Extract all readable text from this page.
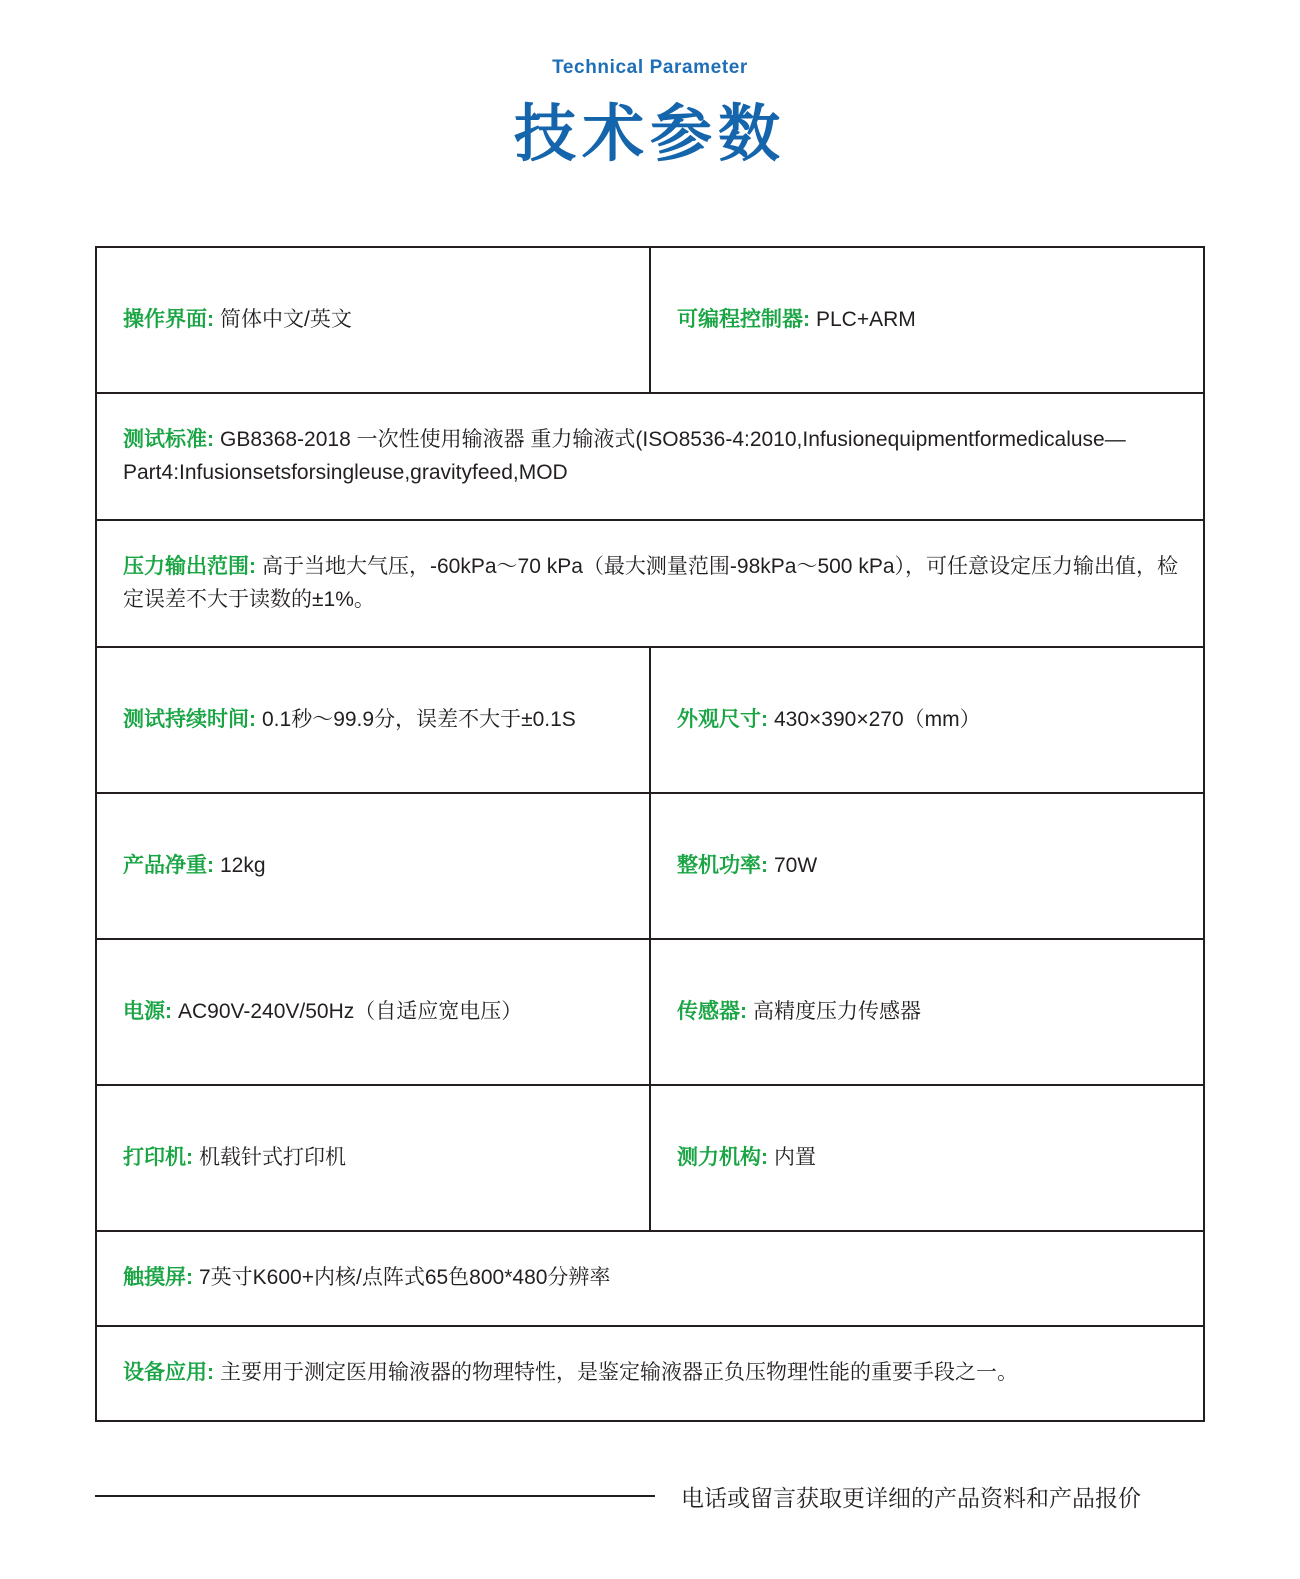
Technical Parameter
技术参数
操作界面: 简体中文/英文	可编程控制器: PLC+ARM

测试标准: GB8368-2018 一次性使用输液器 重力输液式(ISO8536-4:2010,Infusionequipmentformedicaluse—Part4:Infusionsetsforsingleuse,gravityfeed,MOD	

压力输出范围: 高于当地大气压，-60kPa～70 kPa（最大测量范围-98kPa～500 kPa），可任意设定压力输出值，检定误差不大于读数的±1%。	

测试持续时间: 0.1秒～99.9分，误差不大于±0.1S	外观尺寸: 430×390×270（mm）

产品净重: 12kg	整机功率: 70W

电源: AC90V-240V/50Hz（自适应宽电压）	传感器: 高精度压力传感器

打印机: 机载针式打印机	测力机构: 内置

触摸屏: 7英寸K600+内核/点阵式65色800*480分辨率	

设备应用: 主要用于测定医用输液器的物理特性，是鉴定输液器正负压物理性能的重要手段之一。	
电话或留言获取更详细的产品资料和产品报价
